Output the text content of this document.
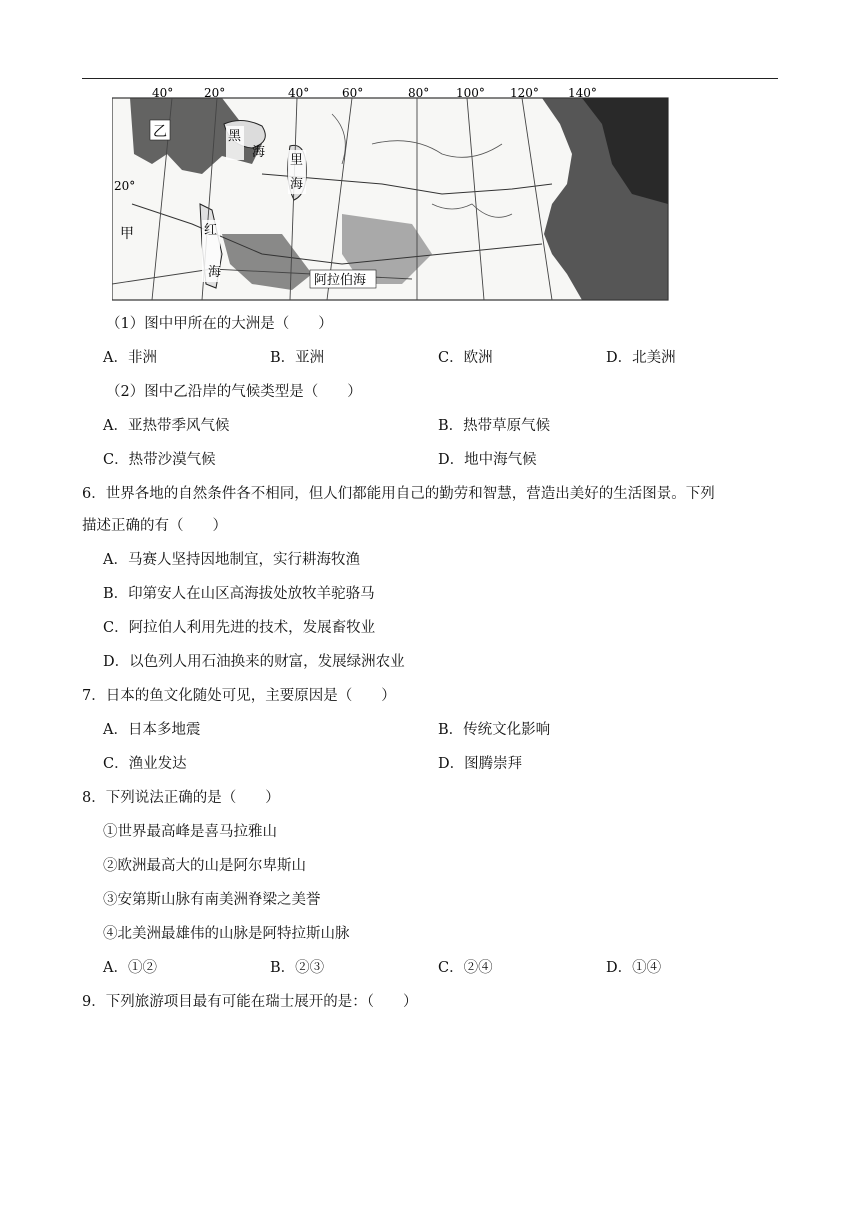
40°	20°	40°	60°	80° 100° 120° 140°
20°
乙
甲
黑
海
里
海
红
海
阿拉伯海
（1）图中甲所在的大洲是（　　）
A．非洲	B．亚洲	C．欧洲	D．北美洲
（2）图中乙沿岸的气候类型是（　　）
A．亚热带季风气候	B．热带草原气候
C．热带沙漠气候	D．地中海气候
6．世界各地的自然条件各不相同，但人们都能用自己的勤劳和智慧，营造出美好的生活图景。下列
描述正确的有（　　）
A．马赛人坚持因地制宜，实行耕海牧渔
B．印第安人在山区高海拔处放牧羊驼骆马
C．阿拉伯人利用先进的技术，发展畜牧业
D．以色列人用石油换来的财富，发展绿洲农业
7．日本的鱼文化随处可见，主要原因是（　　）
A．日本多地震	B．传统文化影响
C．渔业发达	D．图腾崇拜
8．下列说法正确的是（　　）
①世界最高峰是喜马拉雅山
②欧洲最高大的山是阿尔卑斯山
③安第斯山脉有南美洲脊梁之美誉
④北美洲最雄伟的山脉是阿特拉斯山脉
A．①②	B．②③	C．②④	D．①④
9．下列旅游项目最有可能在瑞士展开的是：（　　）
